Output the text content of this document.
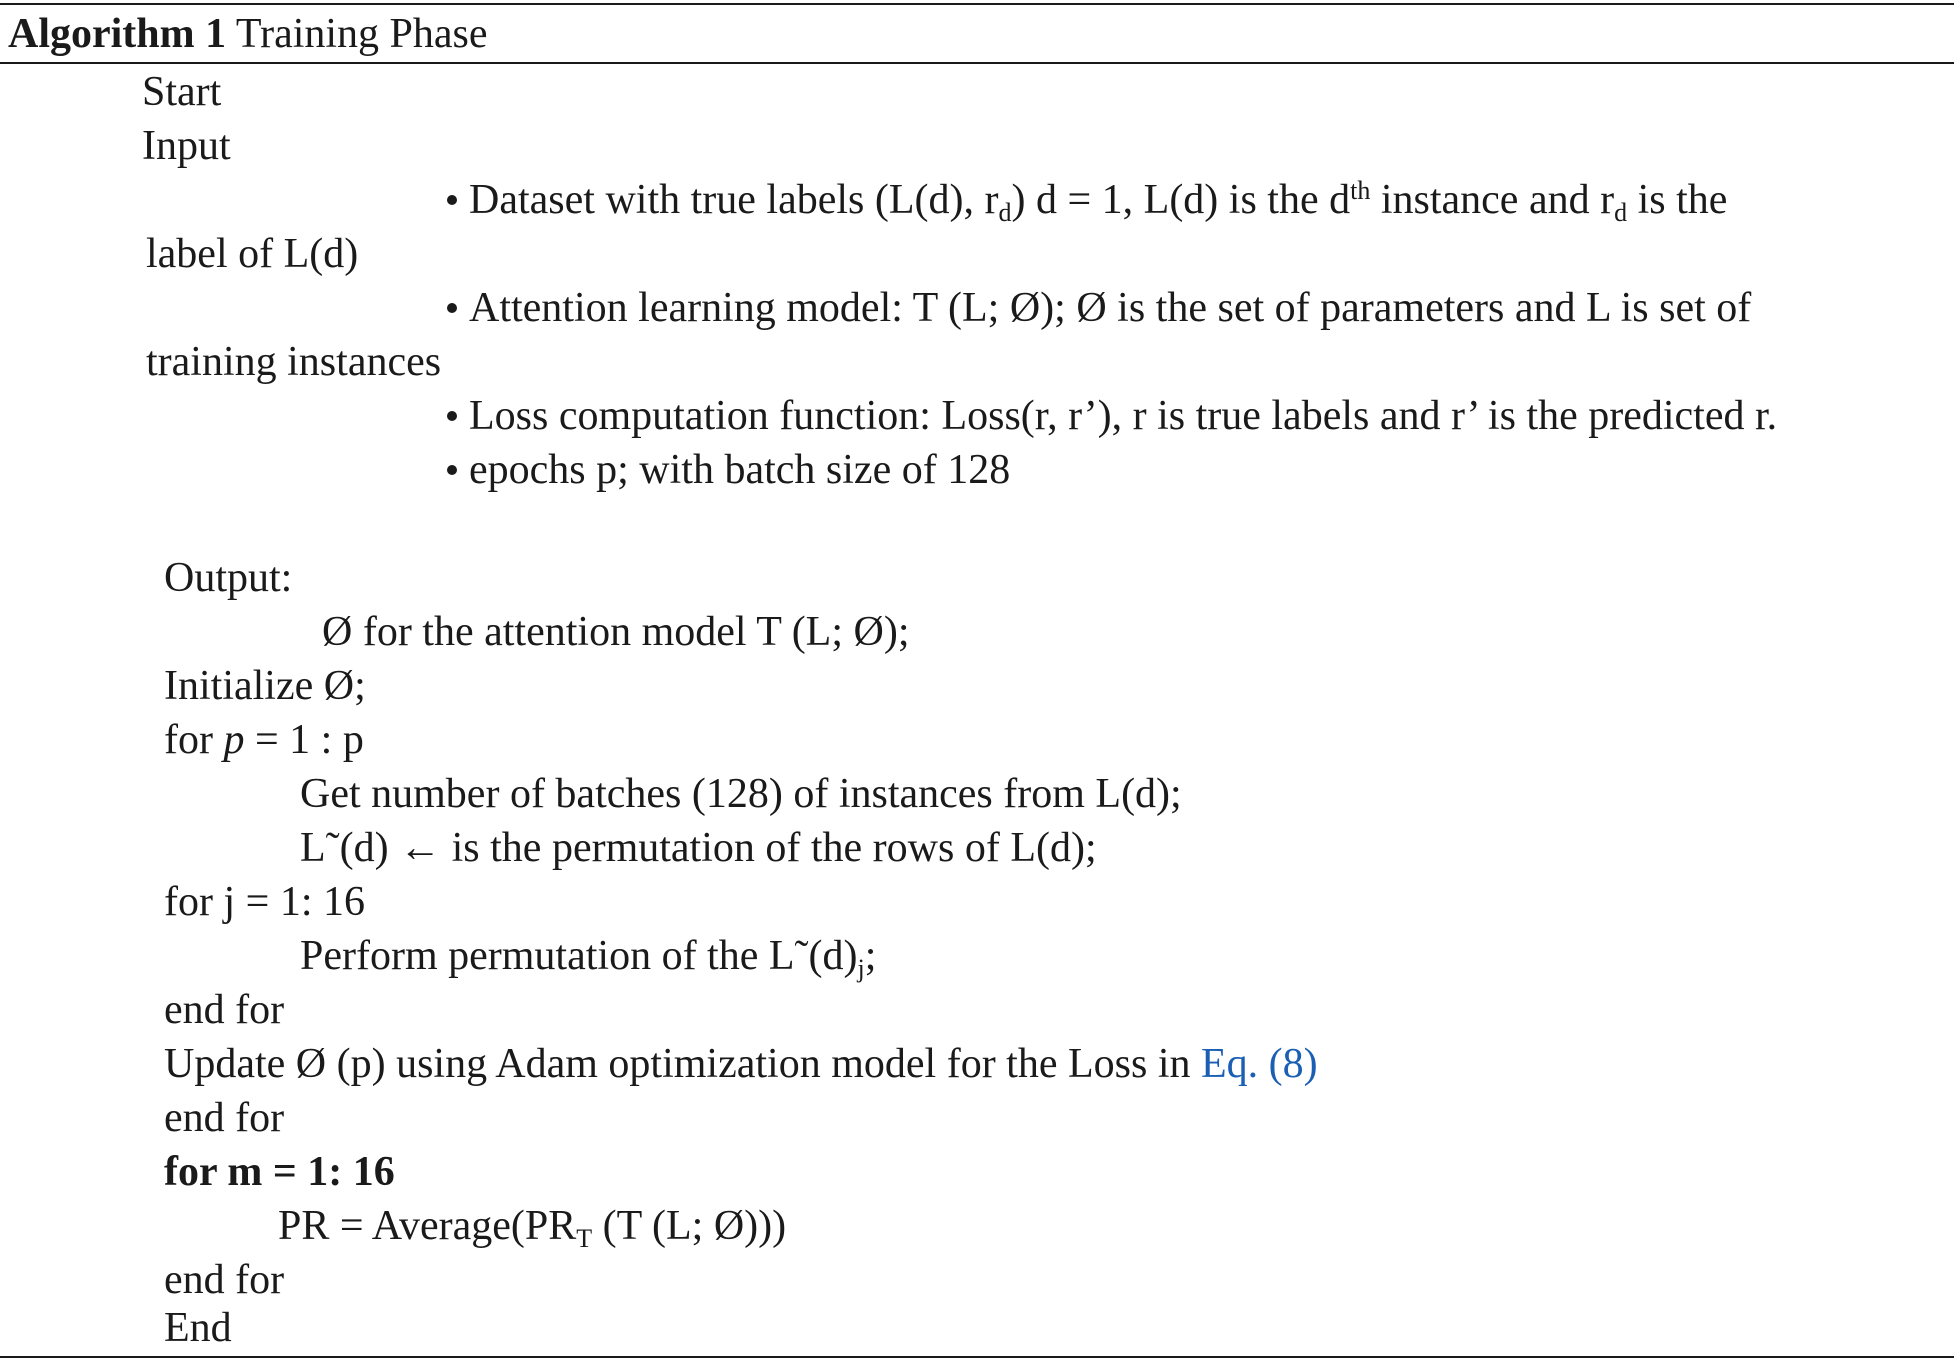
Algorithm 1 Training Phase
Start
Input
Dataset with true labels (L(d), rd) d = 1, L(d) is the $d^{th}$ instance and rd is the
label of L(d)
Attention learning model: T (L; Ø); Ø is the set of parameters and L is set of
training instances
Loss computation function: Loss(r, r’), r is true labels and r’ is the predicted r.
epochs p; with batch size of 128
Output:
Ø for the attention model T (L; Ø);
Initialize Ø;
for p = 1 : p
Get number of batches (128) of instances from L(d);
L˜(d) ← is the permutation of the rows of L(d);
for j = 1: 16
Perform permutation of the L˜(d)j;
end for
Update Ø (p) using Adam optimization model for the Loss in Eq. (8)
end for
for m = 1: 16
PR = Average(PRT (T (L; Ø)))
end for
End
